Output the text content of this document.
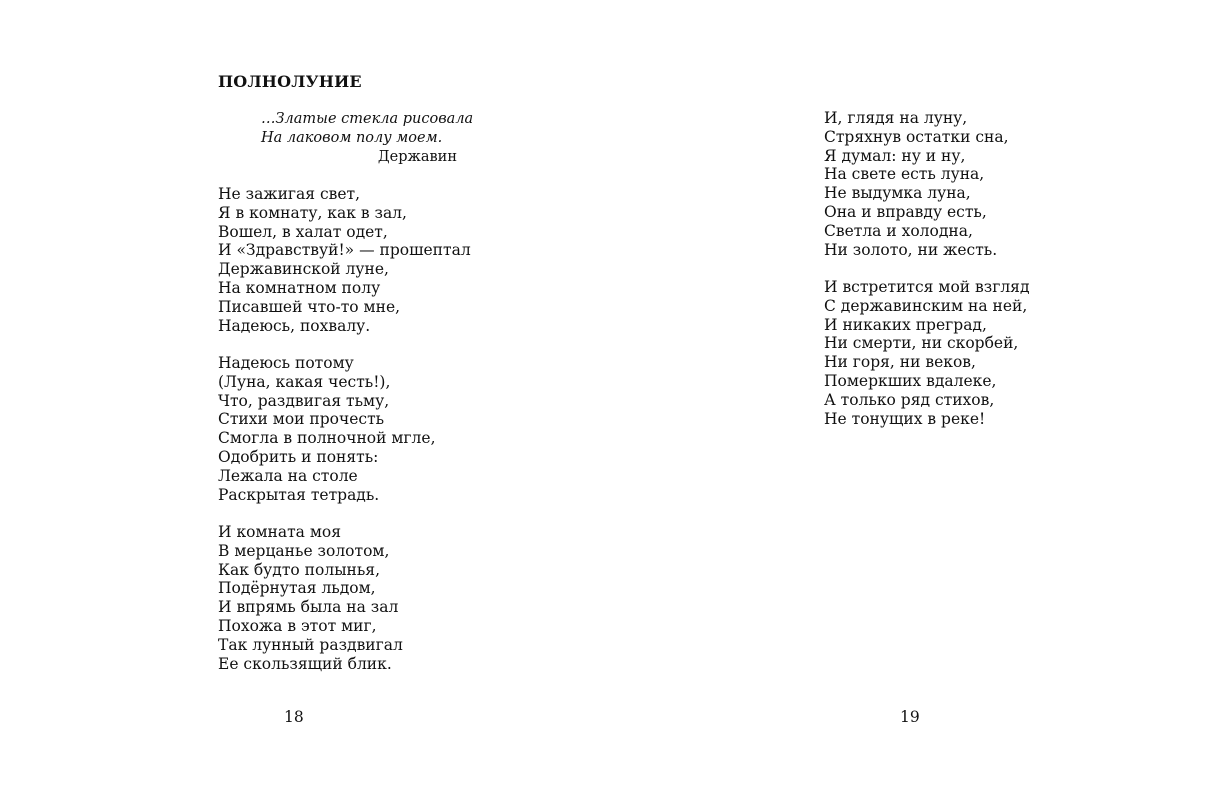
ПОЛНОЛУНИЕ
…Златые стекла рисовала
На лаковом полу моем.
Державин
Не зажигая свет,
Я в комнату, как в зал,
Вошел, в халат одет,
И «Здравствуй!» — прошептал
Державинской луне,
На комнатном полу
Писавшей что-то мне,
Надеюсь, похвалу.
Надеюсь потому
(Луна, какая честь!),
Что, раздвигая тьму,
Стихи мои прочесть
Смогла в полночной мгле,
Одобрить и понять:
Лежала на столе
Раскрытая тетрадь.
И комната моя
В мерцанье золотом,
Как будто полынья,
Подёрнутая льдом,
И впрямь была на зал
Похожа в этот миг,
Так лунный раздвигал
Ее скользящий блик.
18
И, глядя на луну,
Стряхнув остатки сна,
Я думал: ну и ну,
На свете есть луна,
Не выдумка луна,
Она и вправду есть,
Светла и холодна,
Ни золото, ни жесть.
И встретится мой взгляд
С державинским на ней,
И никаких преград,
Ни смерти, ни скорбей,
Ни горя, ни веков,
Померкших вдалеке,
А только ряд стихов,
Не тонущих в реке!
19
